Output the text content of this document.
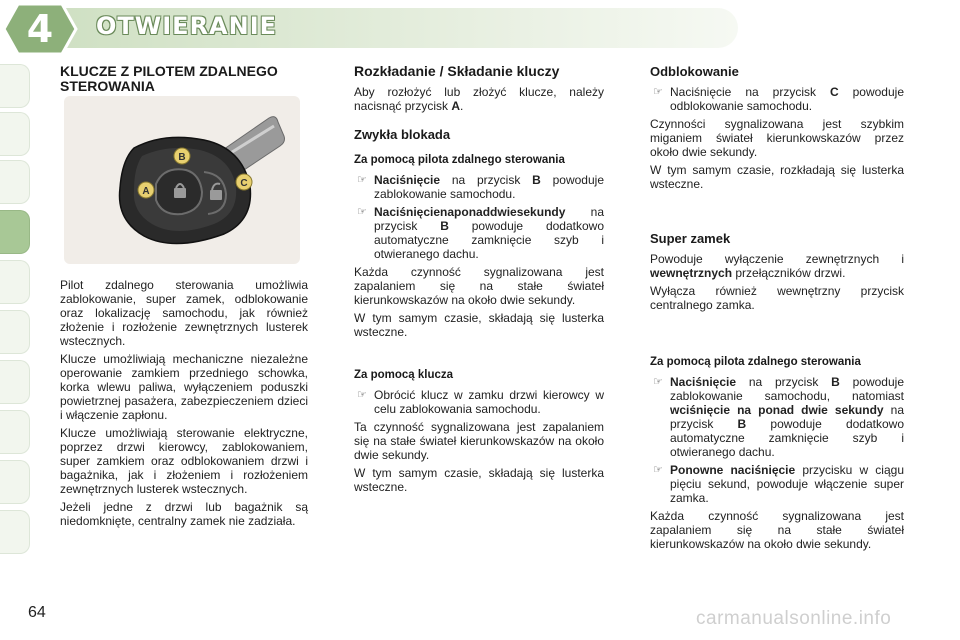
4	OTWIERANIE
KLUCZE Z PILOTEM ZDALNEGO STEROWANIA
A
B
C

Pilot zdalnego sterowania umożliwia zablokowanie, super zamek, odblokowanie oraz lokalizację samochodu, jak również złożenie i rozłożenie zewnętrznych lusterek wstecznych.

Klucze umożliwiają mechaniczne niezależne operowanie zamkiem przedniego schowka, korka wlewu paliwa, wyłączeniem poduszki powietrznej pasażera, zabezpieczeniem dzieci i włączenie zapłonu.

Klucze umożliwiają sterowanie elektryczne, poprzez drzwi kierowcy, zablokowaniem, super zamkiem oraz odblokowaniem drzwi i bagażnika, jak i złożeniem i rozłożeniem zewnętrznych lusterek wstecznych.

Jeżeli jedne z drzwi lub bagażnik są niedomknięte, centralny zamek nie zadziała.

Rozkładanie / Składanie kluczy

Aby rozłożyć lub złożyć klucze, należy nacisnąć przycisk A.

Zwykła blokada
Za pomocą pilota zdalnego sterowania
☞ Naciśnięcie na przycisk B powoduje zablokowanie samochodu.
☞ Naciśnięcienaponaddwiesekundy na przycisk B powoduje dodatkowo automatyczne zamknięcie szyb i otwieranego dachu.

Każda czynność sygnalizowana jest zapalaniem się na stałe świateł kierunkowskazów na około dwie sekundy.

W tym samym czasie, składają się lusterka wsteczne.

Za pomocą klucza
☞ Obrócić klucz w zamku drzwi kierowcy w celu zablokowania samochodu.

Ta czynność sygnalizowana jest zapalaniem się na stałe świateł kierunkowskazów na około dwie sekundy.

W tym samym czasie, składają się lusterka wsteczne.

Odblokowanie
☞ Naciśnięcie na przycisk C powoduje odblokowanie samochodu.

Czynności sygnalizowana jest szybkim miganiem świateł kierunkowskazów przez około dwie sekundy.

W tym samym czasie, rozkładają się lusterka wsteczne.

Super zamek

Powoduje wyłączenie zewnętrznych i wewnętrznych przełączników drzwi.

Wyłącza również wewnętrzny przycisk centralnego zamka.

Za pomocą pilota zdalnego sterowania
☞ Naciśnięcie na przycisk B powoduje zablokowanie samochodu, natomiast wciśnięcie na ponad dwie sekundy na przycisk B powoduje dodatkowo automatyczne zamknięcie szyb i otwieranego dachu.
☞ Ponowne naciśnięcie przycisku w ciągu pięciu sekund, powoduje włączenie super zamka.

Każda czynność sygnalizowana jest zapalaniem się na stałe świateł kierunkowskazów na około dwie sekundy.

64	carmanualsonline.info
